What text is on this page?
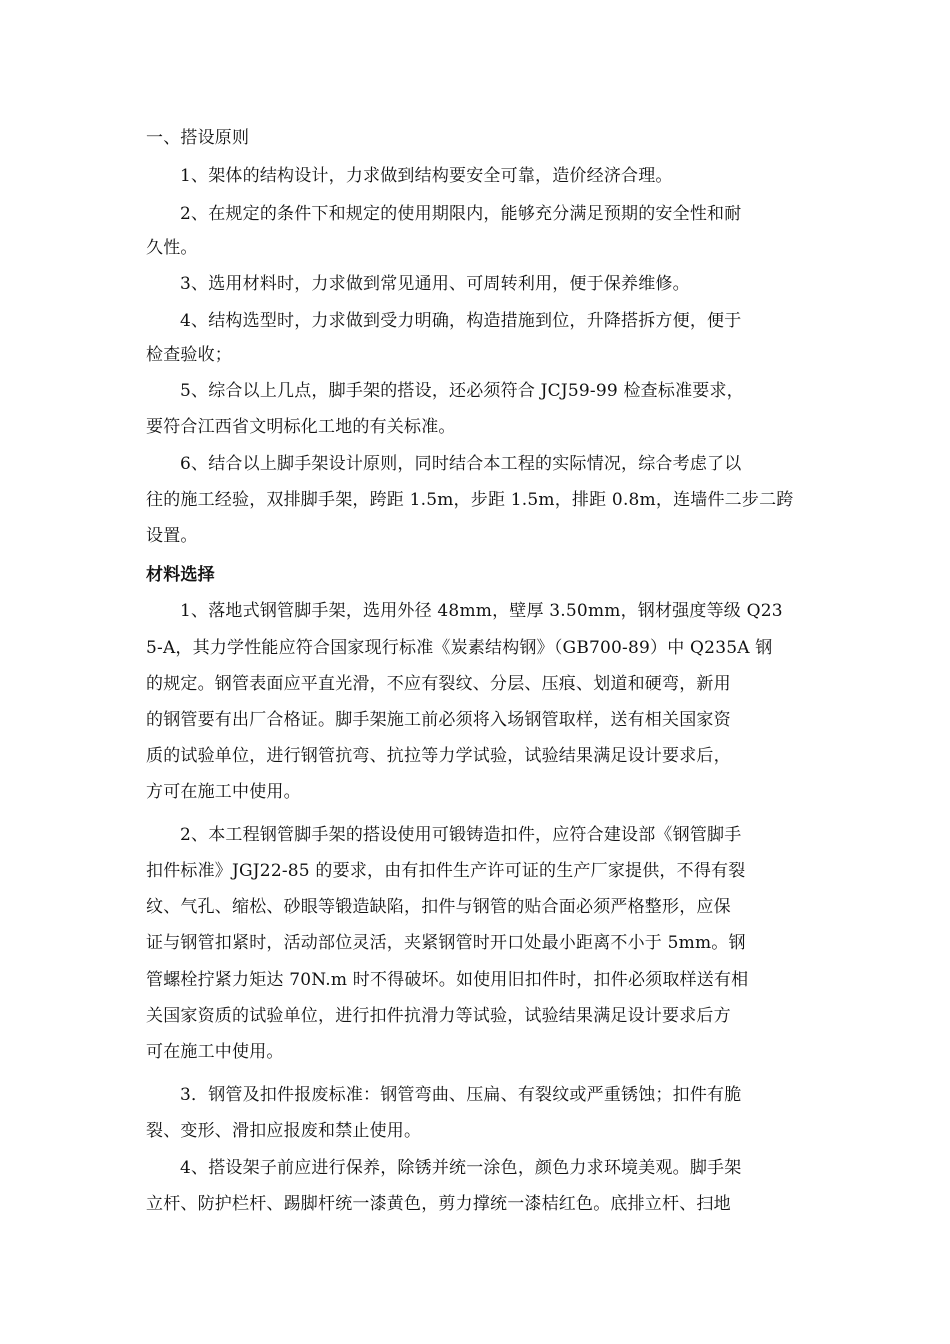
一、搭设原则
1、架体的结构设计，力求做到结构要安全可靠，造价经济合理。
2、在规定的条件下和规定的使用期限内，能够充分满足预期的安全性和耐
久性。
3、选用材料时，力求做到常见通用、可周转利用，便于保养维修。
4、结构选型时，力求做到受力明确，构造措施到位，升降搭拆方便，便于
检查验收；
5、综合以上几点，脚手架的搭设，还必须符合 JCJ59-99 检查标准要求，
要符合江西省文明标化工地的有关标准。
6、结合以上脚手架设计原则，同时结合本工程的实际情况，综合考虑了以
往的施工经验，双排脚手架，跨距 1.5m，步距 1.5m，排距 0.8m，连墙件二步二跨
设置。
材料选择
1、落地式钢管脚手架，选用外径 48mm，壁厚 3.50mm，钢材强度等级 Q23
5-A，其力学性能应符合国家现行标准《炭素结构钢》（GB700-89）中 Q235A 钢
的规定。钢管表面应平直光滑，不应有裂纹、分层、压痕、划道和硬弯，新用
的钢管要有出厂合格证。脚手架施工前必须将入场钢管取样，送有相关国家资
质的试验单位，进行钢管抗弯、抗拉等力学试验，试验结果满足设计要求后，
方可在施工中使用。
2、本工程钢管脚手架的搭设使用可锻铸造扣件，应符合建设部《钢管脚手
扣件标准》JGJ22-85 的要求，由有扣件生产许可证的生产厂家提供，不得有裂
纹、气孔、缩松、砂眼等锻造缺陷，扣件与钢管的贴合面必须严格整形，应保
证与钢管扣紧时，活动部位灵活，夹紧钢管时开口处最小距离不小于 5mm。钢
管螺栓拧紧力矩达 70N.m 时不得破坏。如使用旧扣件时，扣件必须取样送有相
关国家资质的试验单位，进行扣件抗滑力等试验，试验结果满足设计要求后方
可在施工中使用。
3．钢管及扣件报废标准：钢管弯曲、压扁、有裂纹或严重锈蚀；扣件有脆
裂、变形、滑扣应报废和禁止使用。
4、搭设架子前应进行保养，除锈并统一涂色，颜色力求环境美观。脚手架
立杆、防护栏杆、踢脚杆统一漆黄色，剪力撑统一漆桔红色。底排立杆、扫地
